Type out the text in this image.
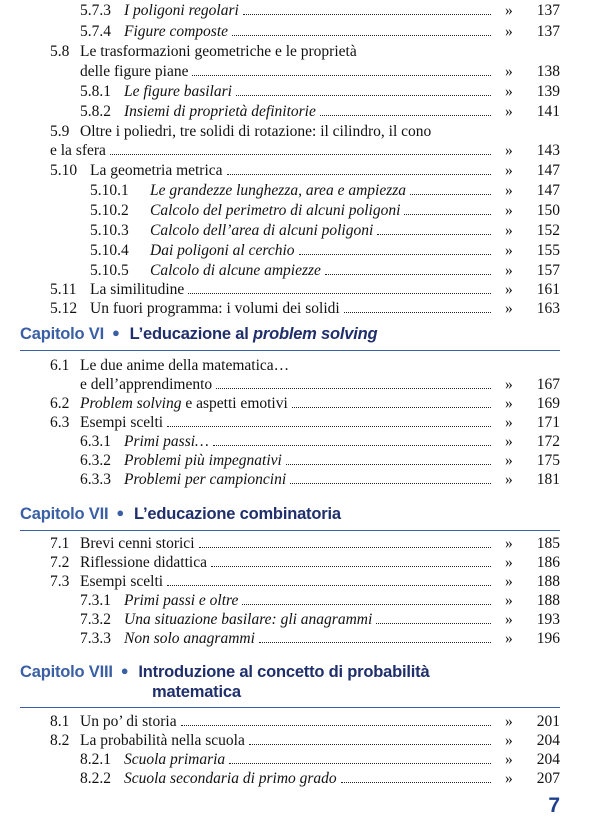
5.7.3 I poligoni regolari	» 137
5.7.4 Figure composte	» 137
5.8 Le trasformazioni geometriche e le proprietà
delle figure piane	» 138
5.8.1 Le figure basilari	» 139
5.8.2 Insiemi di proprietà definitorie	» 141
5.9 Oltre i poliedri, tre solidi di rotazione: il cilindro, il cono
e la sfera	» 143
5.10 La geometria metrica	» 147
5.10.1 Le grandezze lunghezza, area e ampiezza	» 147
5.10.2 Calcolo del perimetro di alcuni poligoni	» 150
5.10.3 Calcolo dell’area di alcuni poligoni	» 152
5.10.4 Dai poligoni al cerchio	» 155
5.10.5 Calcolo di alcune ampiezze	» 157
5.11 La similitudine	» 161
5.12 Un fuori programma: i volumi dei solidi	» 163
Capitolo VI ● L’educazione al problem solving
6.1 Le due anime della matematica…
e dell’apprendimento	» 167
6.2 Problem solving e aspetti emotivi	» 169
6.3 Esempi scelti	» 171
6.3.1 Primi passi…	» 172
6.3.2 Problemi più impegnativi	» 175
6.3.3 Problemi per campioncini	» 181
Capitolo VII ● L’educazione combinatoria
7.1 Brevi cenni storici	» 185
7.2 Riflessione didattica	» 186
7.3 Esempi scelti	» 188
7.3.1 Primi passi e oltre	» 188
7.3.2 Una situazione basilare: gli anagrammi	» 193
7.3.3 Non solo anagrammi	» 196
Capitolo VIII ● Introduzione al concetto di probabilità
matematica
8.1 Un po’ di storia	» 201
8.2 La probabilità nella scuola	» 204
8.2.1 Scuola primaria	» 204
8.2.2 Scuola secondaria di primo grado	» 207
7
